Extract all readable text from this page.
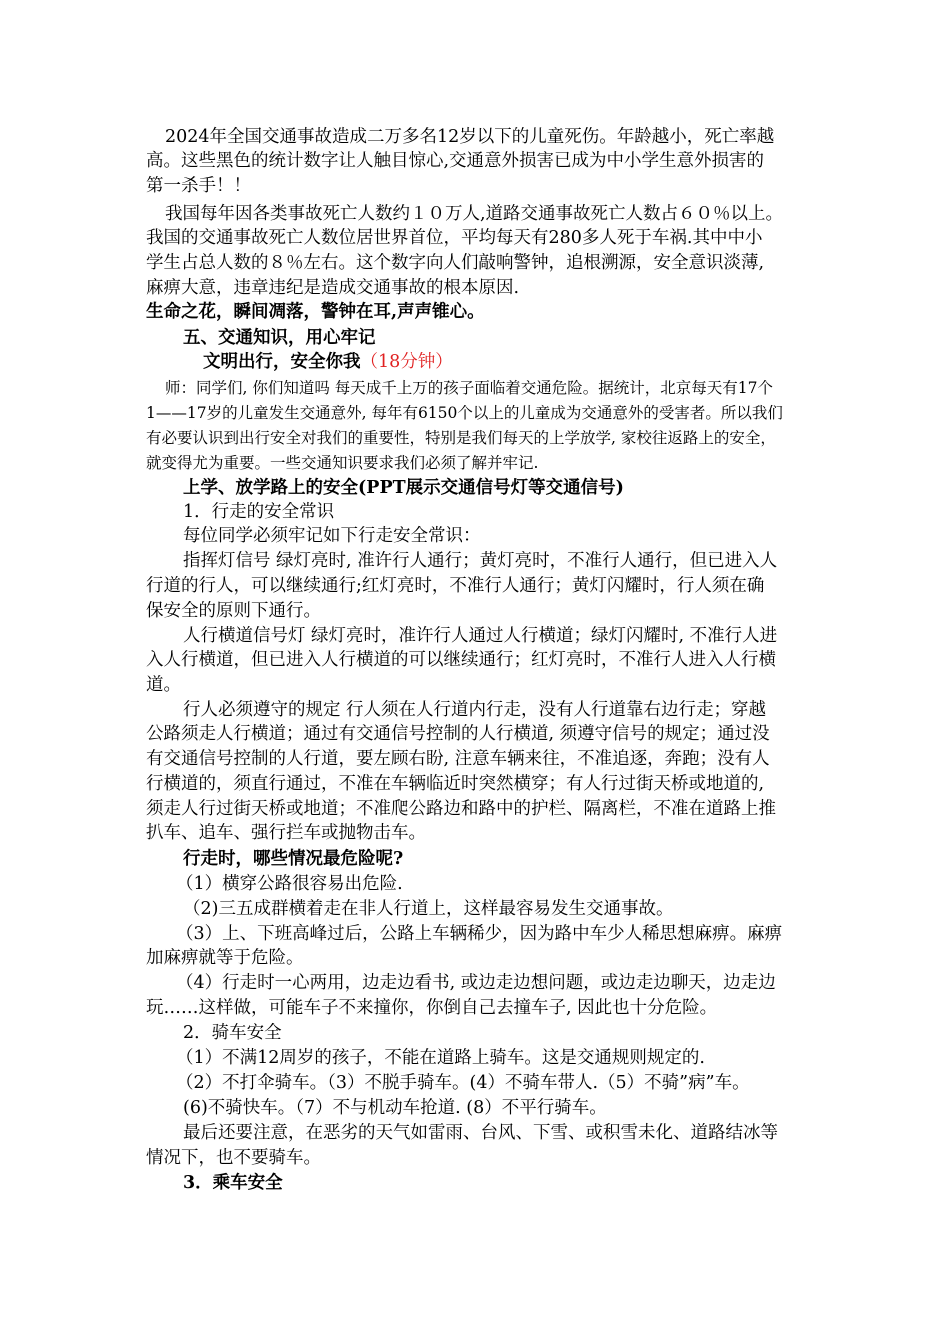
2024年全国交通事故造成二万多名12岁以下的儿童死伤。年龄越小，死亡率越
高。这些黑色的统计数字让人触目惊心,交通意外损害已成为中小学生意外损害的
第一杀手！！
我国每年因各类事故死亡人数约１０万人,道路交通事故死亡人数占６０％以上。
我国的交通事故死亡人数位居世界首位，平均每天有280多人死于车祸.其中中小
学生占总人数的８％左右。这个数字向人们敲响警钟，追根溯源，安全意识淡薄,
麻痹大意，违章违纪是造成交通事故的根本原因.
生命之花，瞬间凋落，警钟在耳,声声锥心。
五、交通知识，用心牢记
文明出行，安全你我（18分钟）
师：同学们, 你们知道吗 每天成千上万的孩子面临着交通危险。据统计，北京每天有17个
1——17岁的儿童发生交通意外, 每年有6150个以上的儿童成为交通意外的受害者。所以我们
有必要认识到出行安全对我们的重要性，特别是我们每天的上学放学, 家校往返路上的安全，
就变得尤为重要。一些交通知识要求我们必须了解并牢记.
上学、放学路上的安全(PPT展示交通信号灯等交通信号)
1．行走的安全常识
每位同学必须牢记如下行走安全常识：
指挥灯信号 绿灯亮时, 准许行人通行；黄灯亮时，不准行人通行，但已进入人
行道的行人，可以继续通行;红灯亮时，不准行人通行；黄灯闪耀时，行人须在确
保安全的原则下通行。
人行横道信号灯 绿灯亮时，准许行人通过人行横道；绿灯闪耀时, 不准行人进
入人行横道，但已进入人行横道的可以继续通行；红灯亮时，不准行人进入人行横
道。
行人必须遵守的规定 行人须在人行道内行走，没有人行道靠右边行走；穿越
公路须走人行横道；通过有交通信号控制的人行横道, 须遵守信号的规定；通过没
有交通信号控制的人行道，要左顾右盼, 注意车辆来往，不准追逐，奔跑；没有人
行横道的，须直行通过，不准在车辆临近时突然横穿；有人行过街天桥或地道的,
须走人行过街天桥或地道；不准爬公路边和路中的护栏、隔离栏，不准在道路上推
扒车、追车、强行拦车或抛物击车。
行走时，哪些情况最危险呢?
（1）横穿公路很容易出危险.
（2)三五成群横着走在非人行道上，这样最容易发生交通事故。
（3）上、下班高峰过后，公路上车辆稀少，因为路中车少人稀思想麻痹。麻痹
加麻痹就等于危险。
（4）行走时一心两用，边走边看书, 或边走边想问题，或边走边聊天，边走边
玩……这样做，可能车子不来撞你，你倒自己去撞车子, 因此也十分危险。
2．骑车安全
（1）不满12周岁的孩子，不能在道路上骑车。这是交通规则规定的.
（2）不打伞骑车。（3）不脱手骑车。(4）不骑车带人.（5）不骑”病”车。
(6)不骑快车。（7）不与机动车抢道. (8）不平行骑车。
最后还要注意，在恶劣的天气如雷雨、台风、下雪、或积雪未化、道路结冰等
情况下，也不要骑车。
3．乘车安全
